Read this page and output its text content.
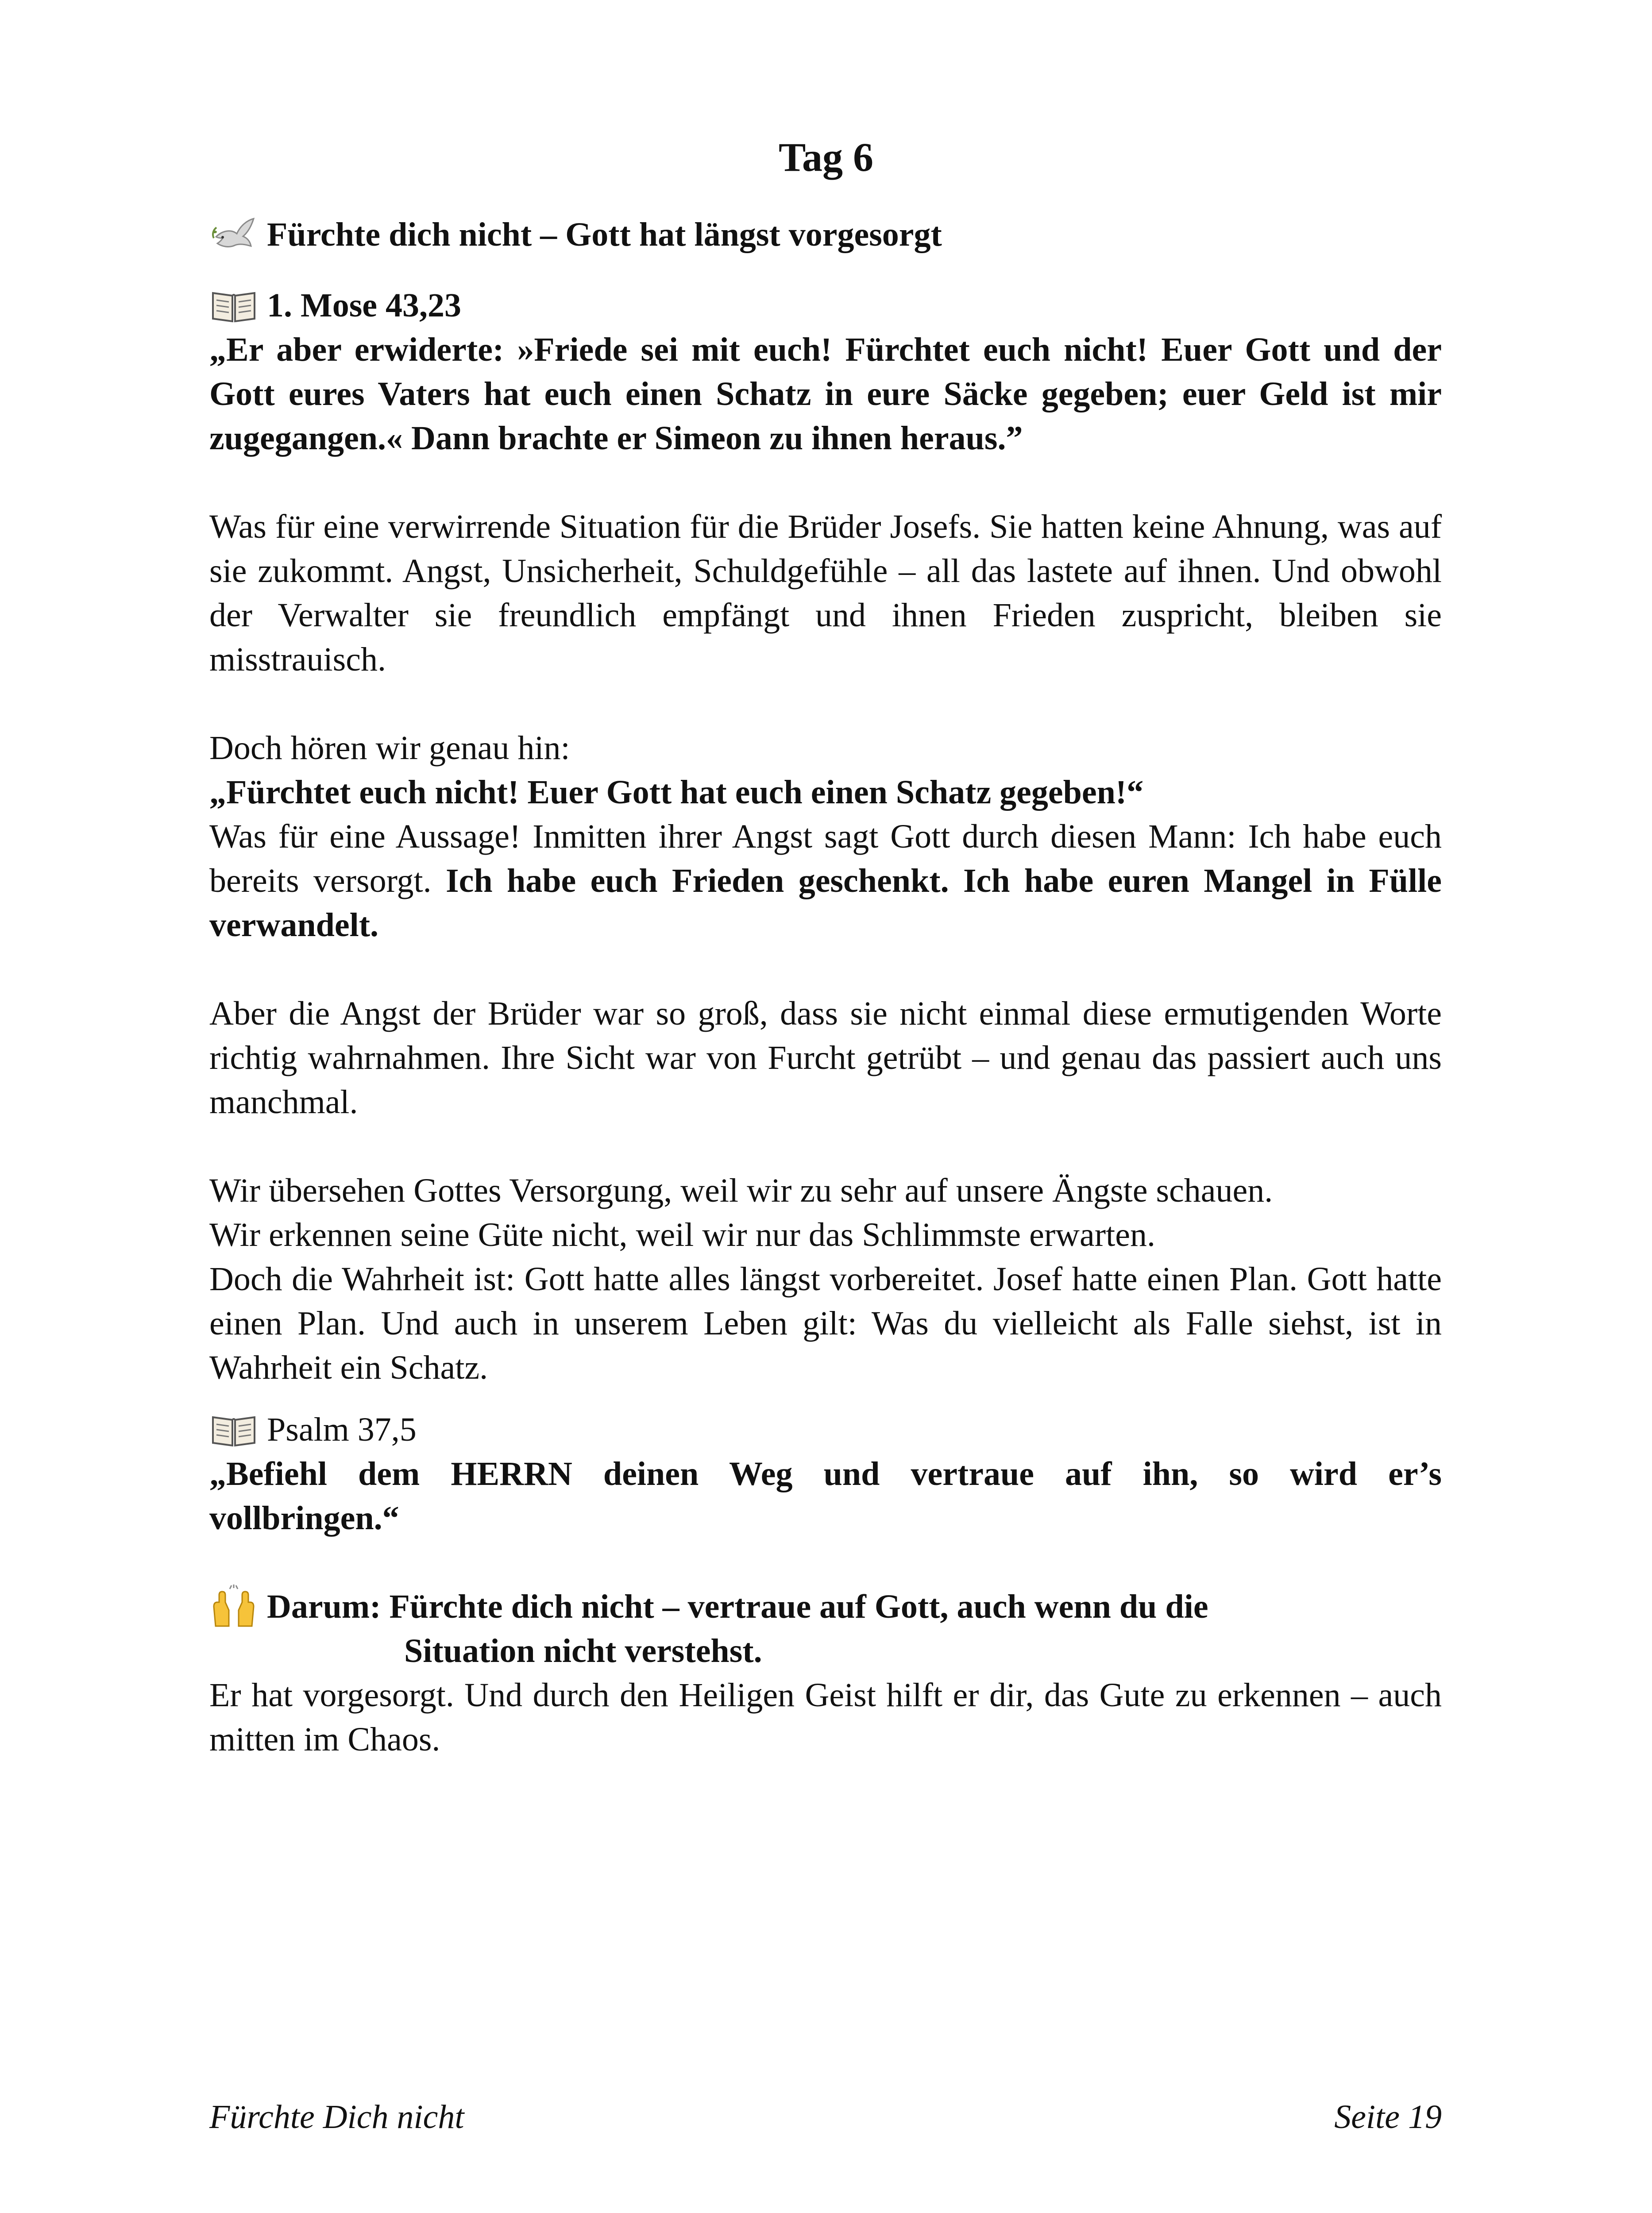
Tag 6
Fürchte dich nicht – Gott hat längst vorgesorgt
1. Mose 43,23

„Er aber erwiderte: »Friede sei mit euch! Fürchtet euch nicht! Euer Gott und der Gott eures Vaters hat euch einen Schatz in eure Säcke gegeben; euer Geld ist mir zugegangen.« Dann brachte er Simeon zu ihnen heraus.”

Was für eine verwirrende Situation für die Brüder Josefs. Sie hatten keine Ahnung, was auf sie zukommt. Angst, Unsicherheit, Schuldgefühle – all das lastete auf ihnen. Und obwohl der Verwalter sie freundlich empfängt und ihnen Frieden zuspricht, bleiben sie misstrauisch.

Doch hören wir genau hin:

„Fürchtet euch nicht! Euer Gott hat euch einen Schatz gegeben!“

Was für eine Aussage! Inmitten ihrer Angst sagt Gott durch diesen Mann: Ich habe euch bereits versorgt. Ich habe euch Frieden geschenkt. Ich habe euren Mangel in Fülle verwandelt.

Aber die Angst der Brüder war so groß, dass sie nicht einmal diese ermutigenden Worte richtig wahrnahmen. Ihre Sicht war von Furcht getrübt – und genau das passiert auch uns manchmal.

Wir übersehen Gottes Versorgung, weil wir zu sehr auf unsere Ängste schauen.

Wir erkennen seine Güte nicht, weil wir nur das Schlimmste erwarten.

Doch die Wahrheit ist: Gott hatte alles längst vorbereitet. Josef hatte einen Plan. Gott hatte einen Plan. Und auch in unserem Leben gilt: Was du vielleicht als Falle siehst, ist in Wahrheit ein Schatz.

Psalm 37,5

„Befiehl dem HERRN deinen Weg und vertraue auf ihn, so wird er’s vollbringen.“

Darum: Fürchte dich nicht – vertraue auf Gott, auch wenn du die
Situation nicht verstehst.

Er hat vorgesorgt. Und durch den Heiligen Geist hilft er dir, das Gute zu erkennen – auch mitten im Chaos.

Fürchte Dich nicht	Seite 19
